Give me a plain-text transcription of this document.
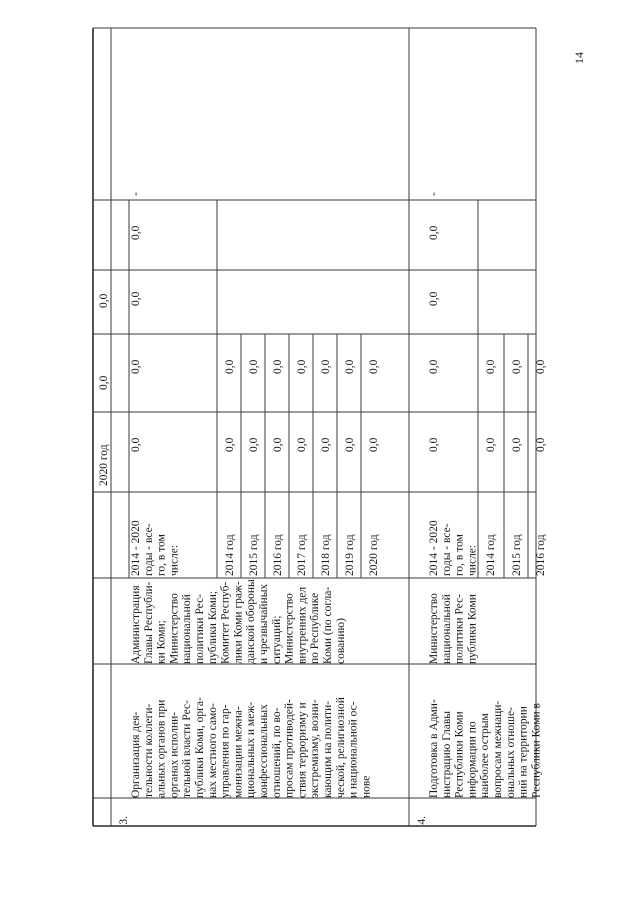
14
2020 год
0,0
0,0
3.
Организация дея- тельности коллеги- альных органов при органах исполни- тельной власти Рес- публики Коми, орга- нах местного само- управления по гар- монизации межна- циональных и меж- конфессиональных отношений, по во- просам противодей- ствия терроризму и экстремизму, возни- кающим на полити- ческой, религиозной и национальной ос- нове
Администрация Главы Республи- ки Коми; Министерство национальной политики Рес- публики Коми; Комитет Респуб- лики Коми граж- данской обороны и чрезвычайных ситуаций; Министерство внутренних дел по Республике Коми (по согла- сованию)
2014 - 2020 годы - все- го, в том числе:
0,0
0,0
0,0
0,0
-
2014 год
0,0
0,0
2015 год
0,0
0,0
2016 год
0,0
0,0
2017 год
0,0
0,0
2018 год
0,0
0,0
2019 год
0,0
0,0
2020 год
0,0
0,0
4.
Подготовка в Адми- нистрацию Главы Республики Коми информации по наиболее острым вопросам межнаци- ональных отноше- ний на территории Республики Коми в
Министерство национальной политики Рес- публики Коми
2014 - 2020 годы - все- го, в том числе:
0,0
0,0
0,0
0,0
-
2014 год
0,0
0,0
2015 год
0,0
0,0
2016 год
0,0
0,0
